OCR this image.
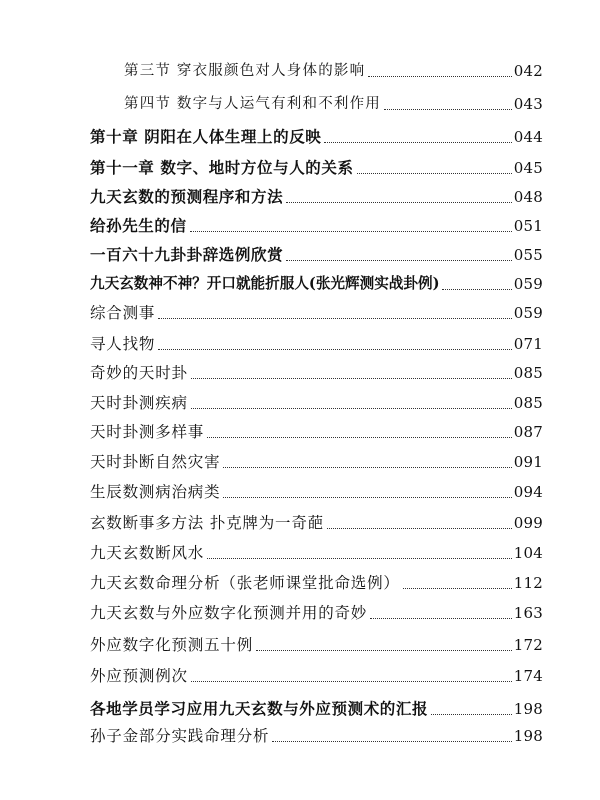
第三节 穿衣服颜色对人身体的影响	042
第四节 数字与人运气有利和不利作用	043
第十章 阴阳在人体生理上的反映	044
第十一章 数字、地时方位与人的关系	045
九天玄数的预测程序和方法	048
给孙先生的信	051
一百六十九卦卦辞选例欣赏	055
九天玄数神不神？开口就能折服人(张光辉测实战卦例)	059
综合测事	059
寻人找物	071
奇妙的天时卦	085
天时卦测疾病	085
天时卦测多样事	087
天时卦断自然灾害	091
生辰数测病治病类	094
玄数断事多方法 扑克牌为一奇葩	099
九天玄数断风水	104
九天玄数命理分析（张老师课堂批命选例）	112
九天玄数与外应数字化预测并用的奇妙	163
外应数字化预测五十例	172
外应预测例次	174
各地学员学习应用九天玄数与外应预测术的汇报	198
孙子金部分实践命理分析	198
